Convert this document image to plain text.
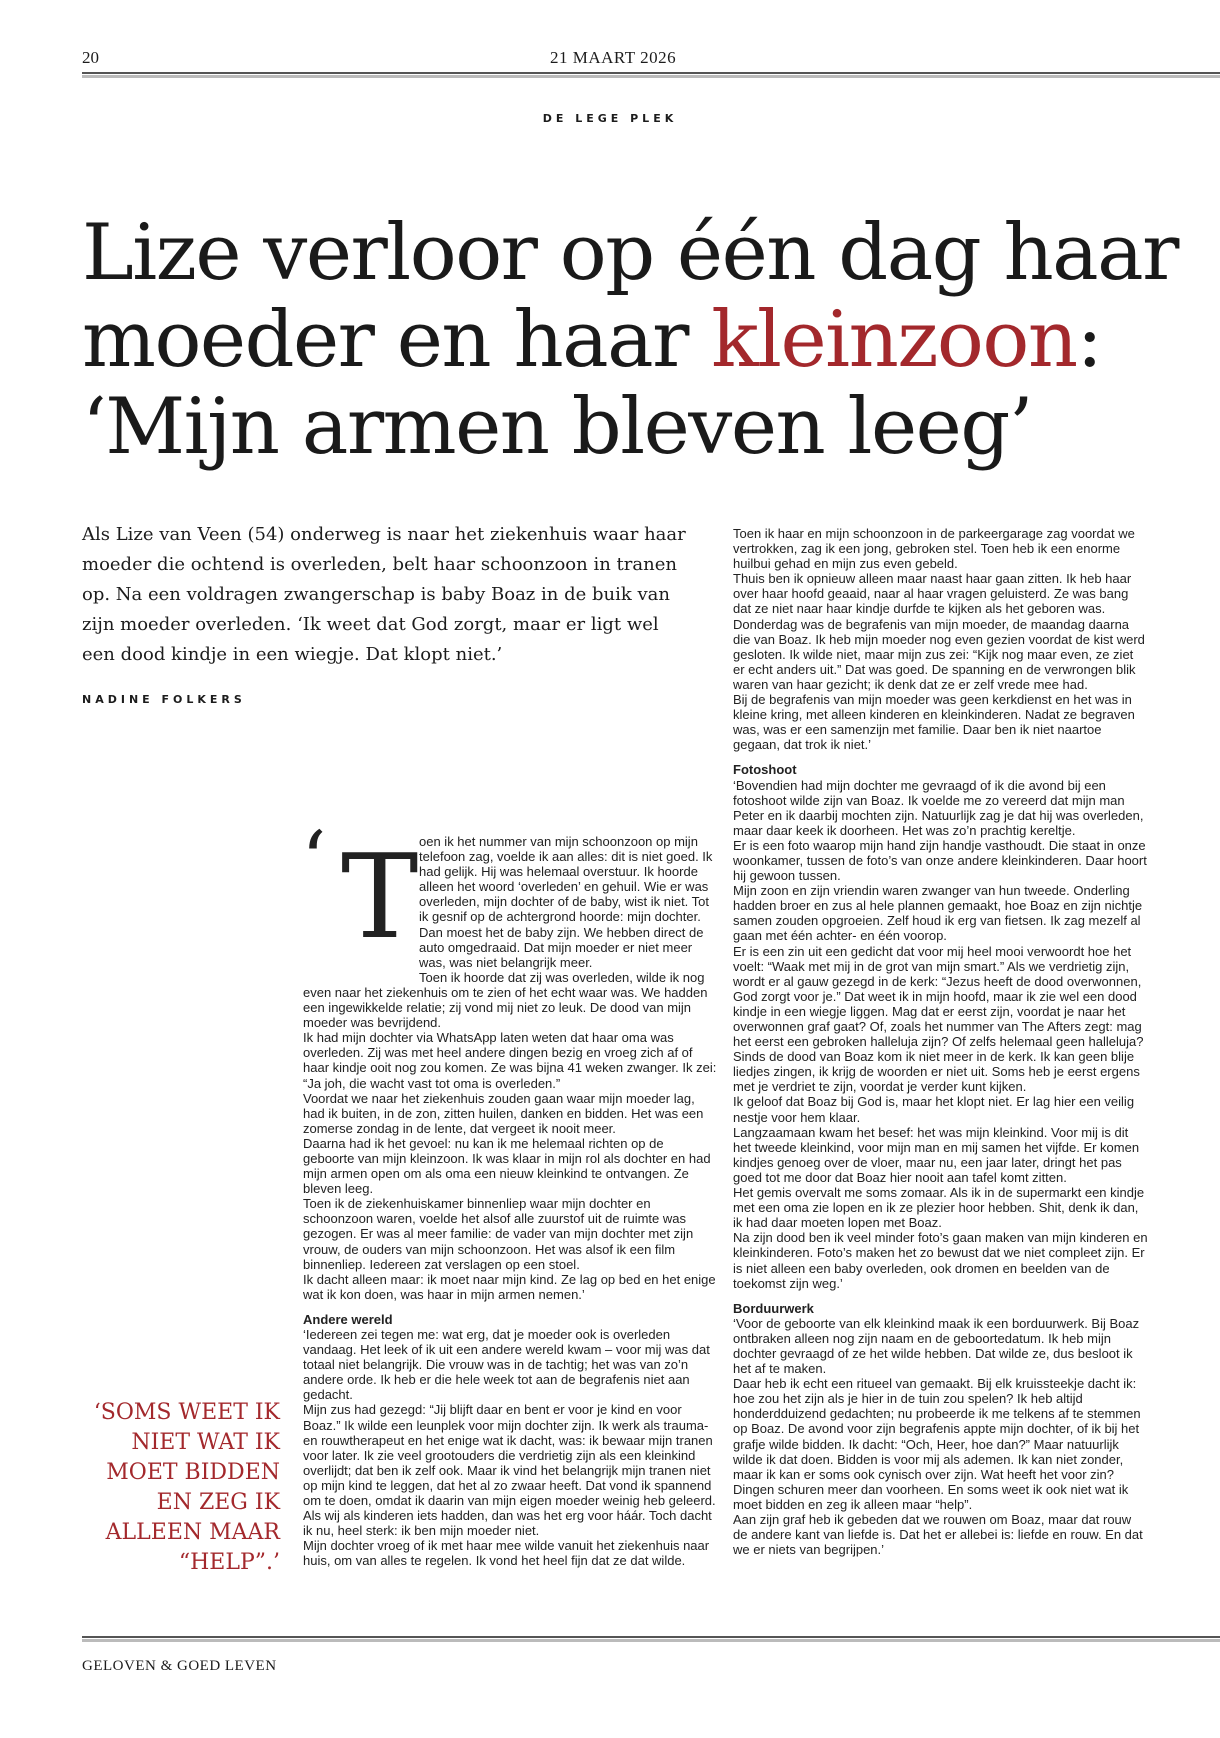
20	21 MAART 2026
DE LEGE PLEK
Lize verloor op één dag haar
moeder en haar kleinzoon:
‘Mijn armen bleven leeg’
Als Lize van Veen (54) onderweg is naar het ziekenhuis waar haar moeder die ochtend is overleden, belt haar schoonzoon in tranen op. Na een voldragen zwangerschap is baby Boaz in de buik van zijn moeder overleden. ‘Ik weet dat God zorgt, maar er ligt wel een dood kindje in een wiegje. Dat klopt niet.’
NADINE FOLKERS
‘ T oen ik het nummer van mijn schoonzoon op mijn telefoon zag, voelde ik aan alles: dit is niet goed. Ik had gelijk. Hij was helemaal overstuur. Ik hoorde alleen het woord ‘overleden’ en gehuil. Wie er was overleden, mijn dochter of de baby, wist ik niet. Tot ik gesnif op de achtergrond hoorde: mijn dochter. Dan moest het de baby zijn. We hebben direct de auto omgedraaid. Dat mijn moeder er niet meer was, was niet belangrijk meer.

Toen ik hoorde dat zij was overleden, wilde ik nog even naar het ziekenhuis om te zien of het echt waar was. We hadden een ingewikkelde relatie; zij vond mij niet zo leuk. De dood van mijn moeder was bevrijdend.

Ik had mijn dochter via WhatsApp laten weten dat haar oma was overleden. Zij was met heel andere dingen bezig en vroeg zich af of haar kindje ooit nog zou komen. Ze was bijna 41 weken zwanger. Ik zei: “Ja joh, die wacht vast tot oma is overleden.”

Voordat we naar het ziekenhuis zouden gaan waar mijn moeder lag, had ik buiten, in de zon, zitten huilen, danken en bidden. Het was een zomerse zondag in de lente, dat vergeet ik nooit meer.

Daarna had ik het gevoel: nu kan ik me helemaal richten op de geboorte van mijn kleinzoon. Ik was klaar in mijn rol als dochter en had mijn armen open om als oma een nieuw kleinkind te ontvangen. Ze bleven leeg.

Toen ik de ziekenhuiskamer binnenliep waar mijn dochter en schoonzoon waren, voelde het alsof alle zuurstof uit de ruimte was gezogen. Er was al meer familie: de vader van mijn dochter met zijn vrouw, de ouders van mijn schoonzoon. Het was alsof ik een film binnenliep. Iedereen zat verslagen op een stoel.

Ik dacht alleen maar: ik moet naar mijn kind. Ze lag op bed en het enige wat ik kon doen, was haar in mijn armen nemen.’

Andere wereld

‘Iedereen zei tegen me: wat erg, dat je moeder ook is overleden vandaag. Het leek of ik uit een andere wereld kwam – voor mij was dat totaal niet belangrijk. Die vrouw was in de tachtig; het was van zo’n andere orde. Ik heb er die hele week tot aan de begrafenis niet aan gedacht.

Mijn zus had gezegd: “Jij blijft daar en bent er voor je kind en voor Boaz.” Ik wilde een leunplek voor mijn dochter zijn. Ik werk als trauma- en rouwtherapeut en het enige wat ik dacht, was: ik bewaar mijn tranen voor later. Ik zie veel grootouders die verdrietig zijn als een kleinkind overlijdt; dat ben ik zelf ook. Maar ik vind het belangrijk mijn tranen niet op mijn kind te leggen, dat het al zo zwaar heeft. Dat vond ik spannend om te doen, omdat ik daarin van mijn eigen moeder weinig heb geleerd. Als wij als kinderen iets hadden, dan was het erg voor háár. Toch dacht ik nu, heel sterk: ik ben mijn moeder niet.

Mijn dochter vroeg of ik met haar mee wilde vanuit het ziekenhuis naar huis, om van alles te regelen. Ik vond het heel fijn dat ze dat wilde.

Toen ik haar en mijn schoonzoon in de parkeergarage zag voordat we vertrokken, zag ik een jong, gebroken stel. Toen heb ik een enorme huilbui gehad en mijn zus even gebeld.

Thuis ben ik opnieuw alleen maar naast haar gaan zitten. Ik heb haar over haar hoofd geaaid, naar al haar vragen geluisterd. Ze was bang dat ze niet naar haar kindje durfde te kijken als het geboren was.

Donderdag was de begrafenis van mijn moeder, de maandag daarna die van Boaz. Ik heb mijn moeder nog even gezien voordat de kist werd gesloten. Ik wilde niet, maar mijn zus zei: “Kijk nog maar even, ze ziet er echt anders uit.” Dat was goed. De spanning en de verwrongen blik waren van haar gezicht; ik denk dat ze er zelf vrede mee had.

Bij de begrafenis van mijn moeder was geen kerkdienst en het was in kleine kring, met alleen kinderen en kleinkinderen. Nadat ze begraven was, was er een samenzijn met familie. Daar ben ik niet naartoe gegaan, dat trok ik niet.’

Fotoshoot

‘Bovendien had mijn dochter me gevraagd of ik die avond bij een fotoshoot wilde zijn van Boaz. Ik voelde me zo vereerd dat mijn man Peter en ik daarbij mochten zijn. Natuurlijk zag je dat hij was overleden, maar daar keek ik doorheen. Het was zo’n prachtig kereltje.

Er is een foto waarop mijn hand zijn handje vasthoudt. Die staat in onze woonkamer, tussen de foto’s van onze andere kleinkinderen. Daar hoort hij gewoon tussen.

Mijn zoon en zijn vriendin waren zwanger van hun tweede. Onderling hadden broer en zus al hele plannen gemaakt, hoe Boaz en zijn nichtje samen zouden opgroeien. Zelf houd ik erg van fietsen. Ik zag mezelf al gaan met één achter- en één voorop.

Er is een zin uit een gedicht dat voor mij heel mooi verwoordt hoe het voelt: “Waak met mij in de grot van mijn smart.” Als we verdrietig zijn, wordt er al gauw gezegd in de kerk: “Jezus heeft de dood overwonnen, God zorgt voor je.” Dat weet ik in mijn hoofd, maar ik zie wel een dood kindje in een wiegje liggen. Mag dat er eerst zijn, voordat je naar het overwonnen graf gaat? Of, zoals het nummer van The Afters zegt: mag het eerst een gebroken halleluja zijn? Of zelfs helemaal geen halleluja? Sinds de dood van Boaz kom ik niet meer in de kerk. Ik kan geen blije liedjes zingen, ik krijg de woorden er niet uit. Soms heb je eerst ergens met je verdriet te zijn, voordat je verder kunt kijken.

Ik geloof dat Boaz bij God is, maar het klopt niet. Er lag hier een veilig nestje voor hem klaar.

Langzaamaan kwam het besef: het was mijn kleinkind. Voor mij is dit het tweede kleinkind, voor mijn man en mij samen het vijfde. Er komen kindjes genoeg over de vloer, maar nu, een jaar later, dringt het pas goed tot me door dat Boaz hier nooit aan tafel komt zitten.

Het gemis overvalt me soms zomaar. Als ik in de supermarkt een kindje met een oma zie lopen en ik ze plezier hoor hebben. Shit, denk ik dan, ik had daar moeten lopen met Boaz.

Na zijn dood ben ik veel minder foto’s gaan maken van mijn kinderen en kleinkinderen. Foto’s maken het zo bewust dat we niet compleet zijn. Er is niet alleen een baby overleden, ook dromen en beelden van de toekomst zijn weg.’

Borduurwerk

‘Voor de geboorte van elk kleinkind maak ik een borduurwerk. Bij Boaz ontbraken alleen nog zijn naam en de geboortedatum. Ik heb mijn dochter gevraagd of ze het wilde hebben. Dat wilde ze, dus besloot ik het af te maken.

Daar heb ik echt een ritueel van gemaakt. Bij elk kruissteekje dacht ik: hoe zou het zijn als je hier in de tuin zou spelen? Ik heb altijd honderdduizend gedachten; nu probeerde ik me telkens af te stemmen op Boaz. De avond voor zijn begrafenis appte mijn dochter, of ik bij het grafje wilde bidden. Ik dacht: “Och, Heer, hoe dan?” Maar natuurlijk wilde ik dat doen. Bidden is voor mij als ademen. Ik kan niet zonder, maar ik kan er soms ook cynisch over zijn. Wat heeft het voor zin? Dingen schuren meer dan voorheen. En soms weet ik ook niet wat ik moet bidden en zeg ik alleen maar “help”.

Aan zijn graf heb ik gebeden dat we rouwen om Boaz, maar dat rouw de andere kant van liefde is. Dat het er allebei is: liefde en rouw. En dat we er niets van begrijpen.’

‘SOMS WEET IK NIET WAT IK MOET BIDDEN EN ZEG IK ALLEEN MAAR “HELP”.’
GELOVEN & GOED LEVEN
